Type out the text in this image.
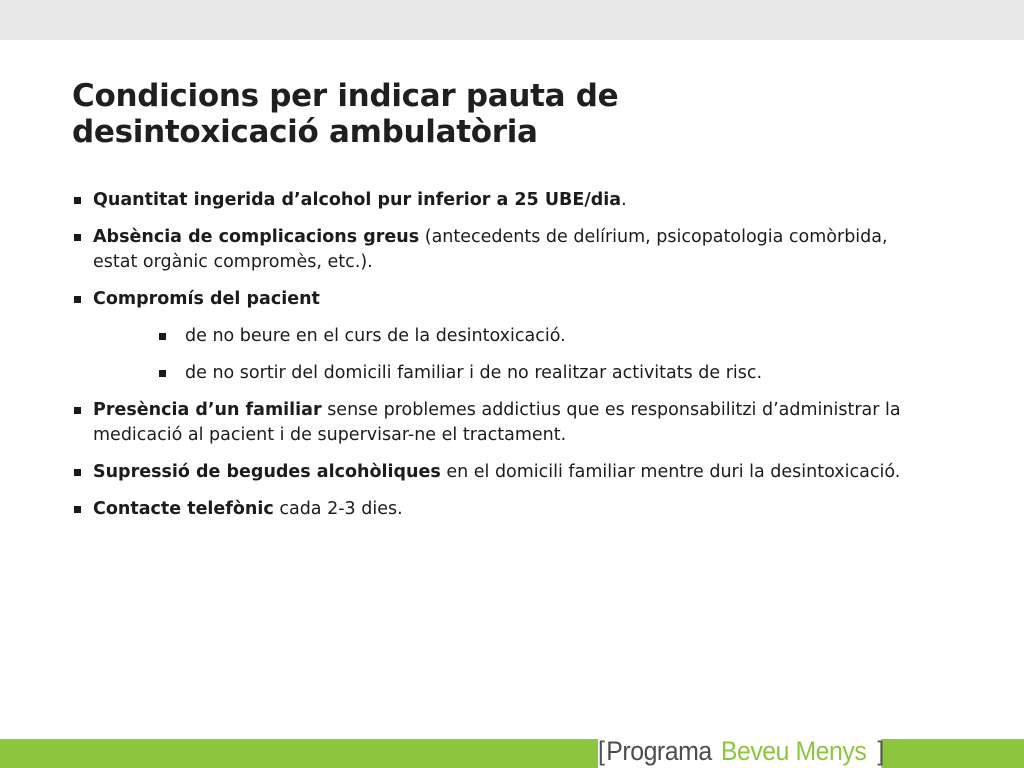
Condicions per indicar pauta de
desintoxicació ambulatòria
Quantitat ingerida d’alcohol pur inferior a 25 UBE/dia.
Absència de complicacions greus (antecedents de delírium, psicopatologia comòrbida, estat orgànic compromès, etc.).
Compromís del pacient
de no beure en el curs de la desintoxicació.
de no sortir del domicili familiar i de no realitzar activitats de risc.
Presència d’un familiar sense problemes addictius que es responsabilitzi d’administrar la medicació al pacient i de supervisar-ne el tractament.
Supressió de begudes alcohòliques en el domicili familiar mentre duri la desintoxicació.
Contacte telefònic cada 2-3 dies.
[ Programa Beveu Menys ]
